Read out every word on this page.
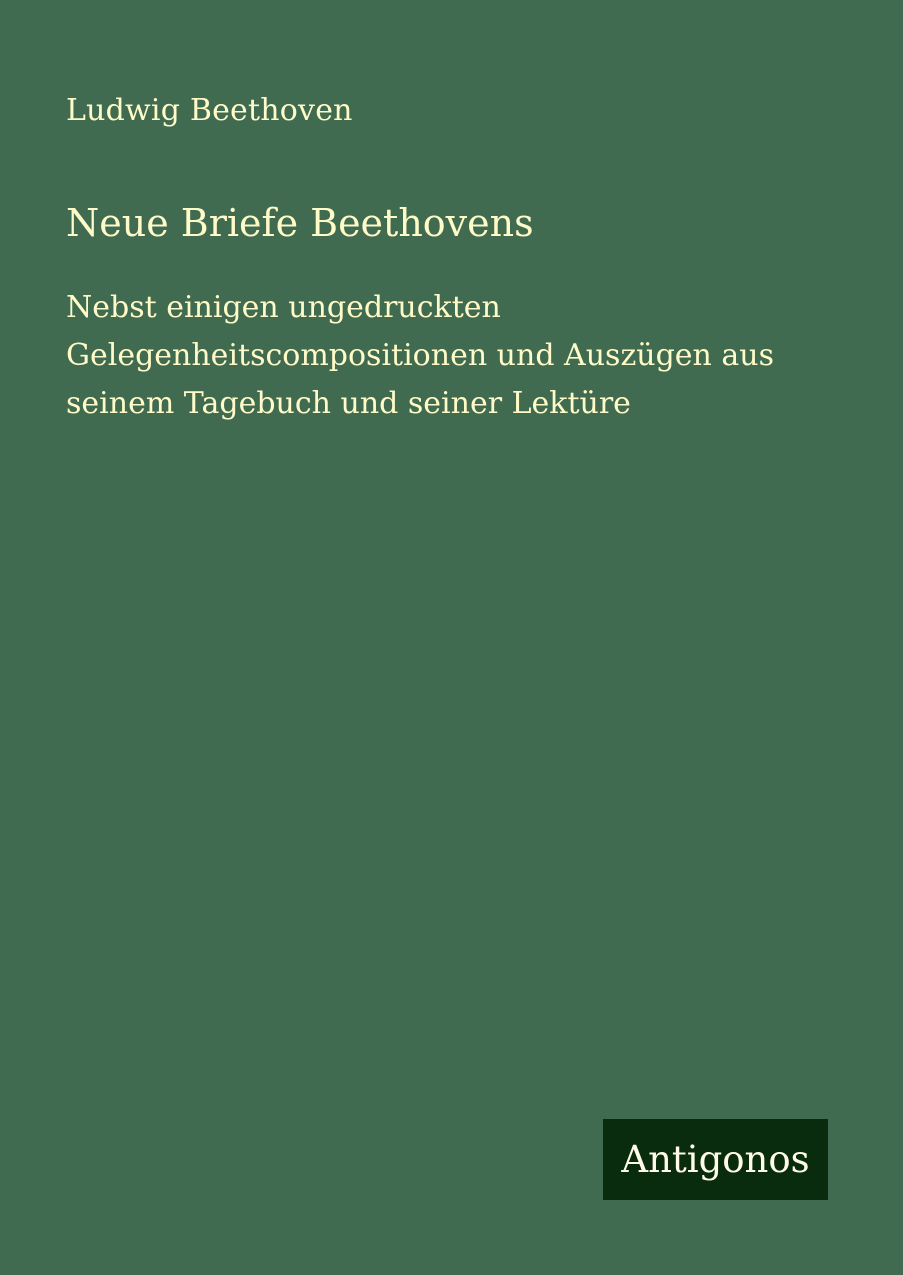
Ludwig Beethoven
Neue Briefe Beethovens
Nebst einigen ungedruckten
Gelegenheitscompositionen und Auszügen aus
seinem Tagebuch und seiner Lektüre
Antigonos
